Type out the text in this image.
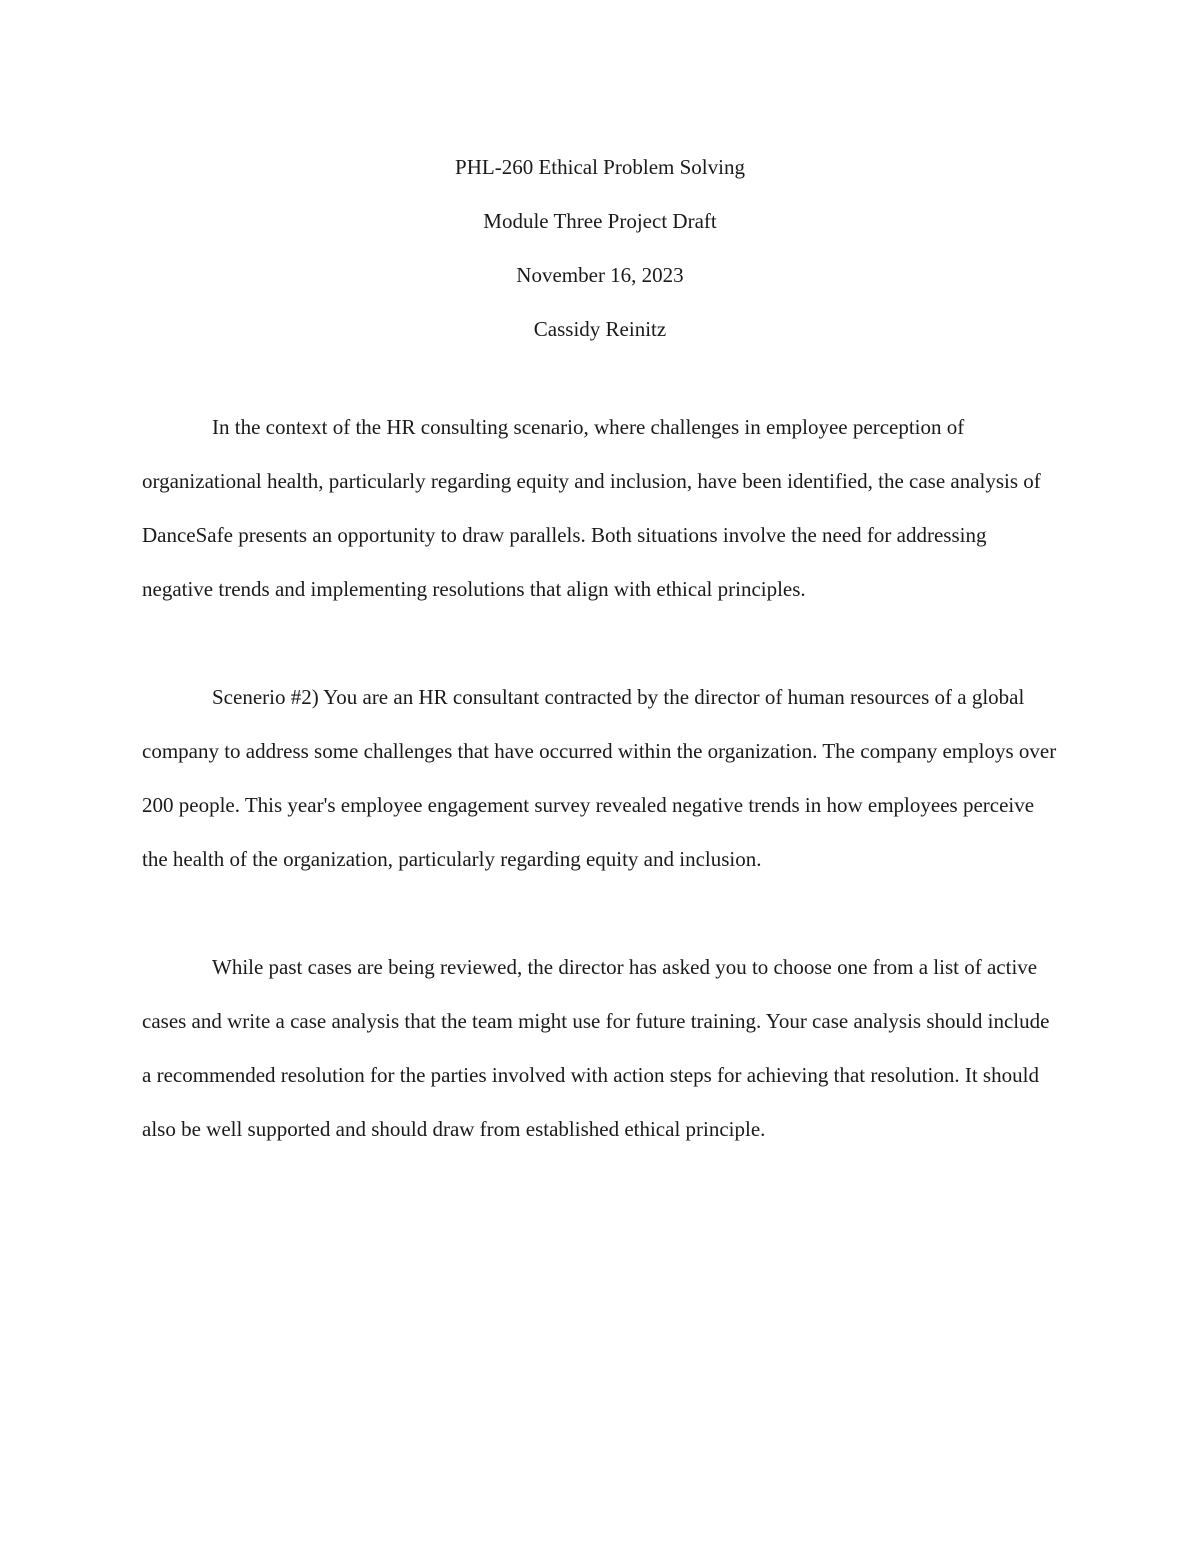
PHL-260 Ethical Problem Solving

Module Three Project Draft

November 16, 2023

Cassidy Reinitz

In the context of the HR consulting scenario, where challenges in employee perception of organizational health, particularly regarding equity and inclusion, have been identified, the case analysis of DanceSafe presents an opportunity to draw parallels. Both situations involve the need for addressing negative trends and implementing resolutions that align with ethical principles.

Scenerio #2) You are an HR consultant contracted by the director of human resources of a global company to address some challenges that have occurred within the organization. The company employs over 200 people. This year's employee engagement survey revealed negative trends in how employees perceive the health of the organization, particularly regarding equity and inclusion.

While past cases are being reviewed, the director has asked you to choose one from a list of active cases and write a case analysis that the team might use for future training. Your case analysis should include a recommended resolution for the parties involved with action steps for achieving that resolution. It should also be well supported and should draw from established ethical principle.
